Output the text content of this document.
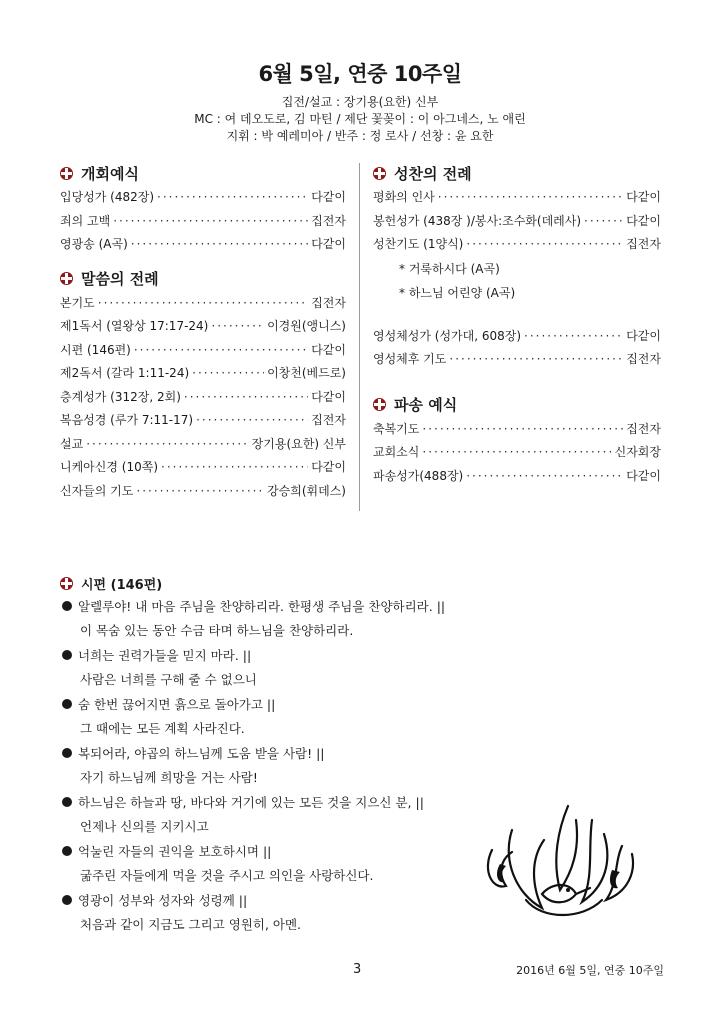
6월 5일, 연중 10주일
집전/설교 : 장기용(요한) 신부
MC : 여 데오도로, 김 마틴 / 제단 꽃꽂이 : 이 아그네스, 노 애린
지휘 : 박 예레미아 / 반주 : 정 로사 / 선창 : 윤 요한
개회예식
입당성가 (482장) ·····	다같이
죄의 고백 ·····	집전자
영광송 (A곡) ·····	다같이
말씀의 전례
본기도 ·····	집전자
제1독서 (열왕상 17:17-24) ·····	이경원(앵니스)
시편 (146편) ·····	다같이
제2독서 (갈라 1:11-24) ·····	이창천(베드로)
층계성가 (312장, 2회) ·····	다같이
복음성경 (루가 7:11-17) ·····	집전자
설교 ·····	장기용(요한) 신부
니케아신경 (10쪽) ·····	다같이
신자들의 기도 ·····	강승희(휘데스)
성찬의 전례
평화의 인사 ·····	다같이
봉헌성가 (438장 )/봉사:조수화(데레사) ·····	다같이
성찬기도 (1양식) ·····	집전자
* 거룩하시다 (A곡)
* 하느님 어린양 (A곡)
영성체성가 (성가대, 608장) ·····	다같이
영성체후 기도 ·····	집전자
파송 예식
축복기도 ·····	집전자
교회소식 ·····	신자회장
파송성가(488장) ·····	다같이
시편 (146편)
알렐루야! 내 마음 주님을 찬양하리라. 한평생 주님을 찬양하리라. ||
이 목숨 있는 동안 수금 타며 하느님을 찬양하리라.
너희는 권력가들을 믿지 마라. ||
사람은 너희를 구해 줄 수 없으니
숨 한번 끊어지면 흙으로 돌아가고 ||
그 때에는 모든 계획 사라진다.
복되어라, 야곱의 하느님께 도움 받을 사람! ||
자기 하느님께 희망을 거는 사람!
하느님은 하늘과 땅, 바다와 거기에 있는 모든 것을 지으신 분, ||
언제나 신의를 지키시고
억눌린 자들의 권익을 보호하시며 ||
굶주린 자들에게 먹을 것을 주시고 의인을 사랑하신다.
영광이 성부와 성자와 성령께 ||
처음과 같이 지금도 그리고 영원히, 아멘.
3	2016년 6월 5일, 연중 10주일
